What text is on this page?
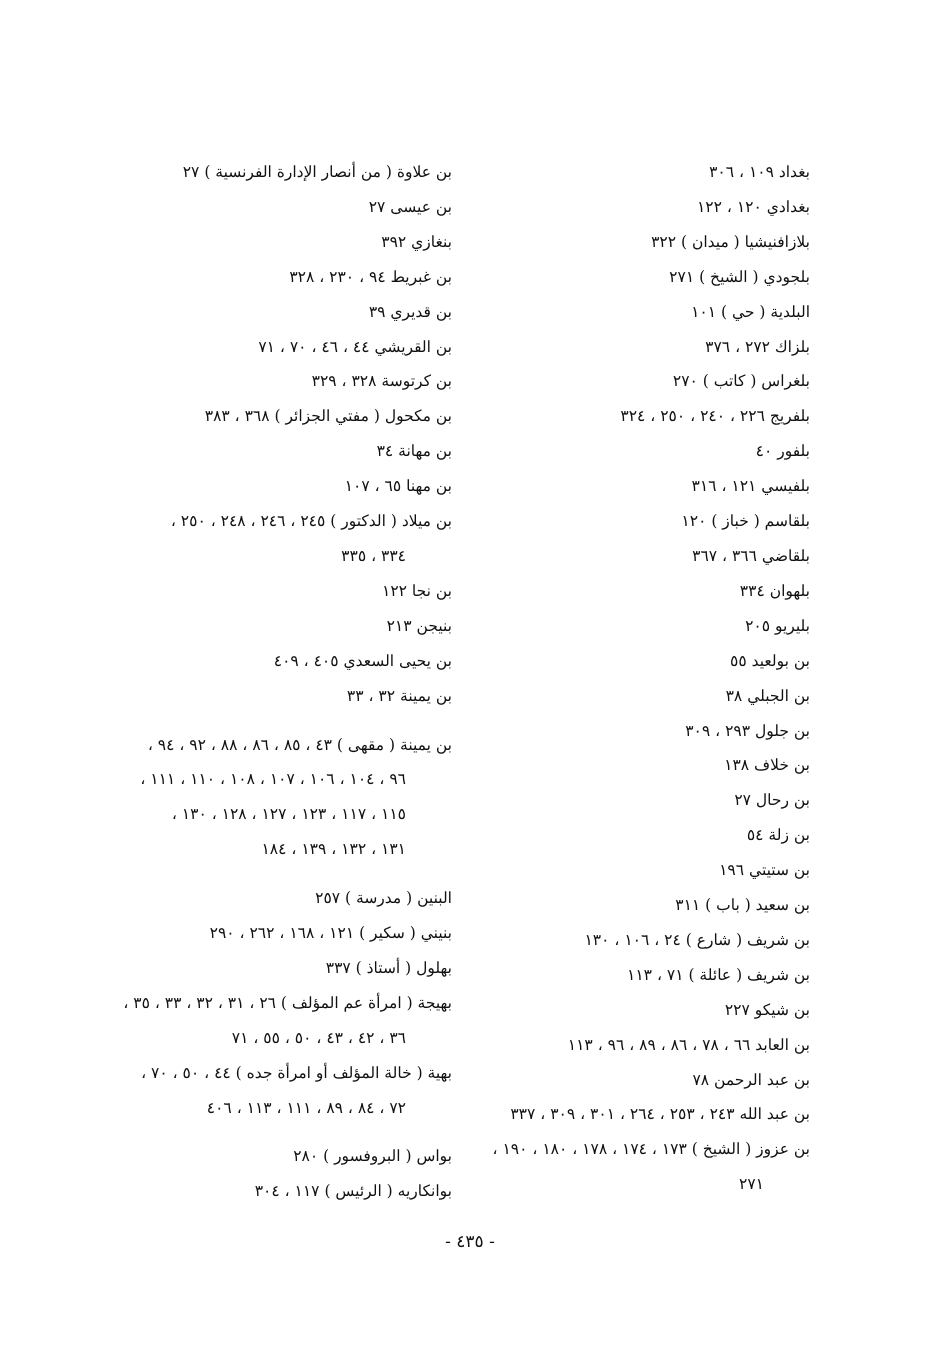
بغداد ١٠٩ ، ٣٠٦
بغدادي ١٢٠ ، ١٢٢
بلازافنيشيا ( ميدان ) ٣٢٢
بلجودي ( الشيخ ) ٢٧١
البلدية ( حي ) ١٠١
بلزاك ٢٧٢ ، ٣٧٦
بلغراس ( كاتب ) ٢٧٠
بلفريج ٢٢٦ ، ٢٤٠ ، ٢٥٠ ، ٣٢٤
بلفور ٤٠
بلفيسي ١٢١ ، ٣١٦
بلقاسم ( خباز ) ١٢٠
بلقاضي ٣٦٦ ، ٣٦٧
بلهوان ٣٣٤
بليريو ٢٠٥
بن بولعيد ٥٥
بن الجبلي ٣٨
بن جلول ٢٩٣ ، ٣٠٩
بن خلاف ١٣٨
بن رحال ٢٧
بن زلة ٥٤
بن ستيتي ١٩٦
بن سعيد ( باب ) ٣١١
بن شريف ( شارع ) ٢٤ ، ١٠٦ ، ١٣٠
بن شريف ( عائلة ) ٧١ ، ١١٣
بن شيكو ٢٢٧
بن العابد ٦٦ ، ٧٨ ، ٨٦ ، ٨٩ ، ٩٦ ، ١١٣
بن عبد الرحمن ٧٨
بن عبد الله ٢٤٣ ، ٢٥٣ ، ٢٦٤ ، ٣٠١ ، ٣٠٩ ، ٣٣٧
بن عزوز ( الشيخ ) ١٧٣ ، ١٧٤ ، ١٧٨ ، ١٨٠ ، ١٩٠ ،
٢٧١
بن علاوة ( من أنصار الإدارة الفرنسية ) ٢٧
بن عيسى ٢٧
بنغازي ٣٩٢
بن غبريط ٩٤ ، ٢٣٠ ، ٣٢٨
بن قديري ٣٩
بن القريشي ٤٤ ، ٤٦ ، ٧٠ ، ٧١
بن كرتوسة ٣٢٨ ، ٣٢٩
بن مكحول ( مفتي الجزائر ) ٣٦٨ ، ٣٨٣
بن مهانة ٣٤
بن مهنا ٦٥ ، ١٠٧
بن ميلاد ( الدكتور ) ٢٤٥ ، ٢٤٦ ، ٢٤٨ ، ٢٥٠ ،
٣٣٤ ، ٣٣٥
بن نجا ١٢٢
بنيجن ٢١٣
بن يحيى السعدي ٤٠٥ ، ٤٠٩
بن يمينة ٣٢ ، ٣٣
بن يمينة ( مقهى ) ٤٣ ، ٨٥ ، ٨٦ ، ٨٨ ، ٩٢ ، ٩٤ ،
٩٦ ، ١٠٤ ، ١٠٦ ، ١٠٧ ، ١٠٨ ، ١١٠ ، ١١١ ،
١١٥ ، ١١٧ ، ١٢٣ ، ١٢٧ ، ١٢٨ ، ١٣٠ ،
١٣١ ، ١٣٢ ، ١٣٩ ، ١٨٤
البنين ( مدرسة ) ٢٥٧
بنيني ( سكير ) ١٢١ ، ١٦٨ ، ٢٦٢ ، ٢٩٠
بهلول ( أستاذ ) ٣٣٧
بهيجة ( امرأة عم المؤلف ) ٢٦ ، ٣١ ، ٣٢ ، ٣٣ ، ٣٥ ،
٣٦ ، ٤٢ ، ٤٣ ، ٥٠ ، ٥٥ ، ٧١
بهية ( خالة المؤلف أو امرأة جده ) ٤٤ ، ٥٠ ، ٧٠ ،
٧٢ ، ٨٤ ، ٨٩ ، ١١١ ، ١١٣ ، ٤٠٦
بواس ( البروفسور ) ٢٨٠
بوانكاريه ( الرئيس ) ١١٧ ، ٣٠٤
- ٤٣٥ -
